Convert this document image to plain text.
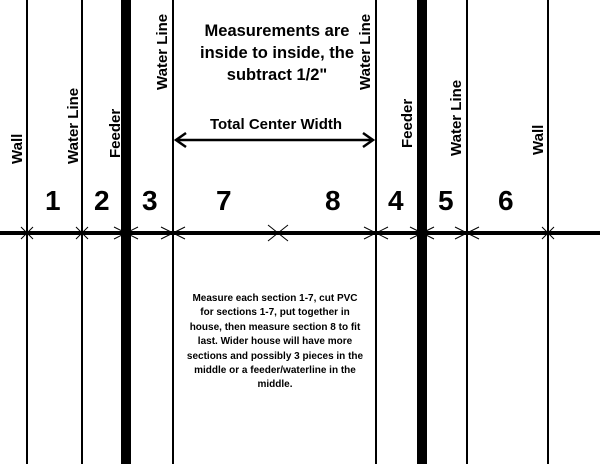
Wall	Water Line Feeder
Water Line	Water Line
Feeder Water Line	Wall
1 2 3 7	8 4 5 6
Measurements are inside to inside, the subtract 1/2"
Total Center Width
Measure each section 1-7, cut PVC for sections 1-7, put together in house, then measure section 8 to fit last. Wider house will have more sections and possibly 3 pieces in the middle or a feeder/waterline in the middle.
